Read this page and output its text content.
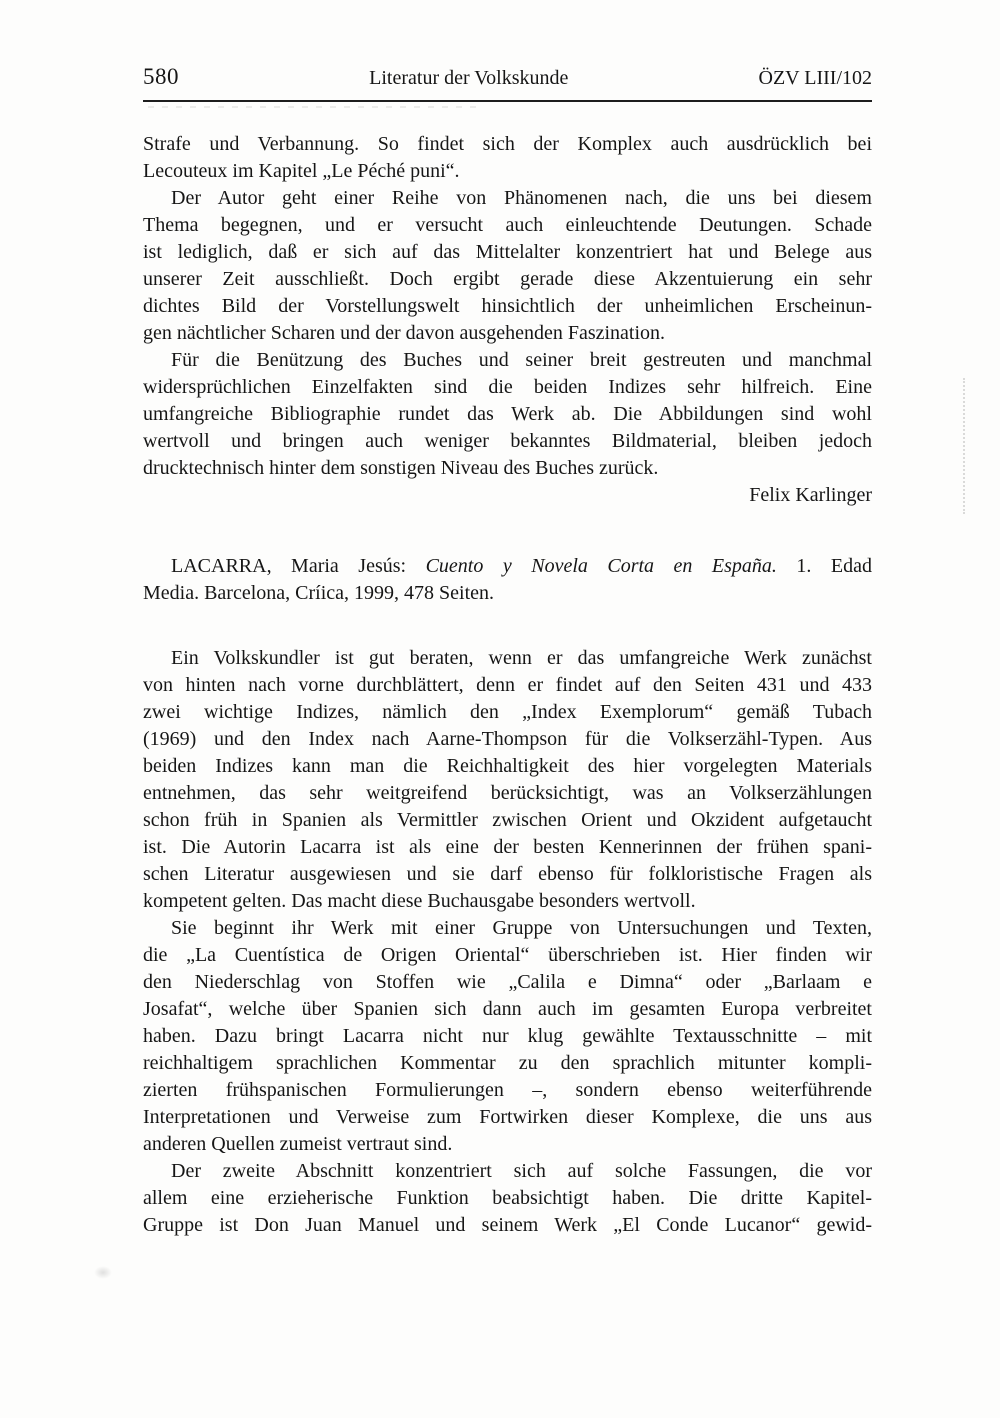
580	Literatur der Volkskunde	ÖZV LIII/102
Strafe und Verbannung. So findet sich der Komplex auch ausdrücklich bei
Lecouteux im Kapitel „Le Péché puni“.
Der Autor geht einer Reihe von Phänomenen nach, die uns bei diesem
Thema begegnen, und er versucht auch einleuchtende Deutungen. Schade
ist lediglich, daß er sich auf das Mittelalter konzentriert hat und Belege aus
unserer Zeit ausschließt. Doch ergibt gerade diese Akzentuierung ein sehr
dichtes Bild der Vorstellungswelt hinsichtlich der unheimlichen Erscheinun-
gen nächtlicher Scharen und der davon ausgehenden Faszination.
Für die Benützung des Buches und seiner breit gestreuten und manchmal
widersprüchlichen Einzelfakten sind die beiden Indizes sehr hilfreich. Eine
umfangreiche Bibliographie rundet das Werk ab. Die Abbildungen sind wohl
wertvoll und bringen auch weniger bekanntes Bildmaterial, bleiben jedoch
drucktechnisch hinter dem sonstigen Niveau des Buches zurück.
Felix Karlinger
LACARRA, Maria Jesús: Cuento y Novela Corta en España. 1. Edad
Media. Barcelona, Críica, 1999, 478 Seiten.
Ein Volkskundler ist gut beraten, wenn er das umfangreiche Werk zunächst
von hinten nach vorne durchblättert, denn er findet auf den Seiten 431 und 433
zwei wichtige Indizes, nämlich den „Index Exemplorum“ gemäß Tubach
(1969) und den Index nach Aarne-Thompson für die Volkserzähl-Typen. Aus
beiden Indizes kann man die Reichhaltigkeit des hier vorgelegten Materials
entnehmen, das sehr weitgreifend berücksichtigt, was an Volkserzählungen
schon früh in Spanien als Vermittler zwischen Orient und Okzident aufgetaucht
ist. Die Autorin Lacarra ist als eine der besten Kennerinnen der frühen spani-
schen Literatur ausgewiesen und sie darf ebenso für folkloristische Fragen als
kompetent gelten. Das macht diese Buchausgabe besonders wertvoll.
Sie beginnt ihr Werk mit einer Gruppe von Untersuchungen und Texten,
die „La Cuentística de Origen Oriental“ überschrieben ist. Hier finden wir
den Niederschlag von Stoffen wie „Calila e Dimna“ oder „Barlaam e
Josafat“, welche über Spanien sich dann auch im gesamten Europa verbreitet
haben. Dazu bringt Lacarra nicht nur klug gewählte Textausschnitte – mit
reichhaltigem sprachlichen Kommentar zu den sprachlich mitunter kompli-
zierten frühspanischen Formulierungen –, sondern ebenso weiterführende
Interpretationen und Verweise zum Fortwirken dieser Komplexe, die uns aus
anderen Quellen zumeist vertraut sind.
Der zweite Abschnitt konzentriert sich auf solche Fassungen, die vor
allem eine erzieherische Funktion beabsichtigt haben. Die dritte Kapitel-
Gruppe ist Don Juan Manuel und seinem Werk „El Conde Lucanor“ gewid-
